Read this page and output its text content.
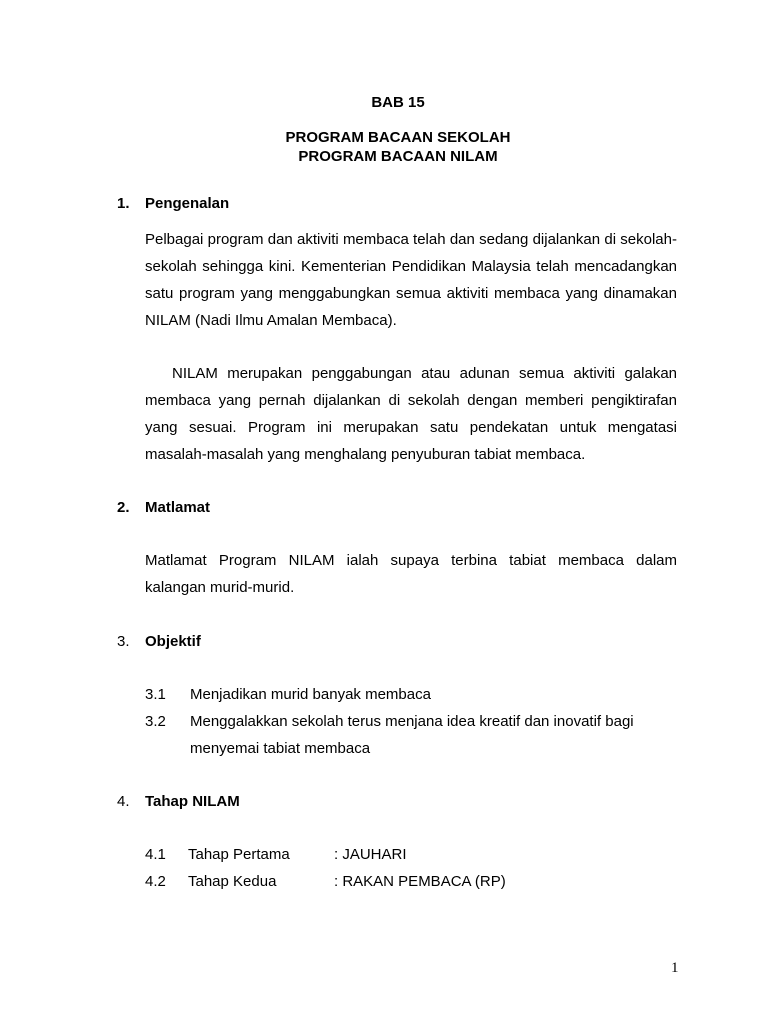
BAB 15
PROGRAM BACAAN SEKOLAH
PROGRAM BACAAN NILAM
1. Pengenalan
Pelbagai program dan aktiviti membaca telah dan sedang dijalankan di sekolah-sekolah sehingga kini. Kementerian Pendidikan Malaysia telah mencadangkan satu program yang menggabungkan semua aktiviti membaca yang dinamakan NILAM (Nadi Ilmu Amalan Membaca).
NILAM merupakan penggabungan atau adunan semua aktiviti galakan membaca yang pernah dijalankan di sekolah dengan memberi pengiktirafan yang sesuai. Program ini merupakan satu pendekatan untuk mengatasi masalah-masalah yang menghalang penyuburan tabiat membaca.
2. Matlamat
Matlamat Program NILAM ialah supaya terbina tabiat membaca dalam kalangan murid-murid.
3. Objektif
3.1	Menjadikan murid banyak membaca
3.2	Menggalakkan sekolah terus menjana idea kreatif dan inovatif bagi menyemai tabiat membaca
4. Tahap NILAM
4.1 Tahap Pertama	: JAUHARI
4.2 Tahap Kedua	: RAKAN PEMBACA (RP)
1
